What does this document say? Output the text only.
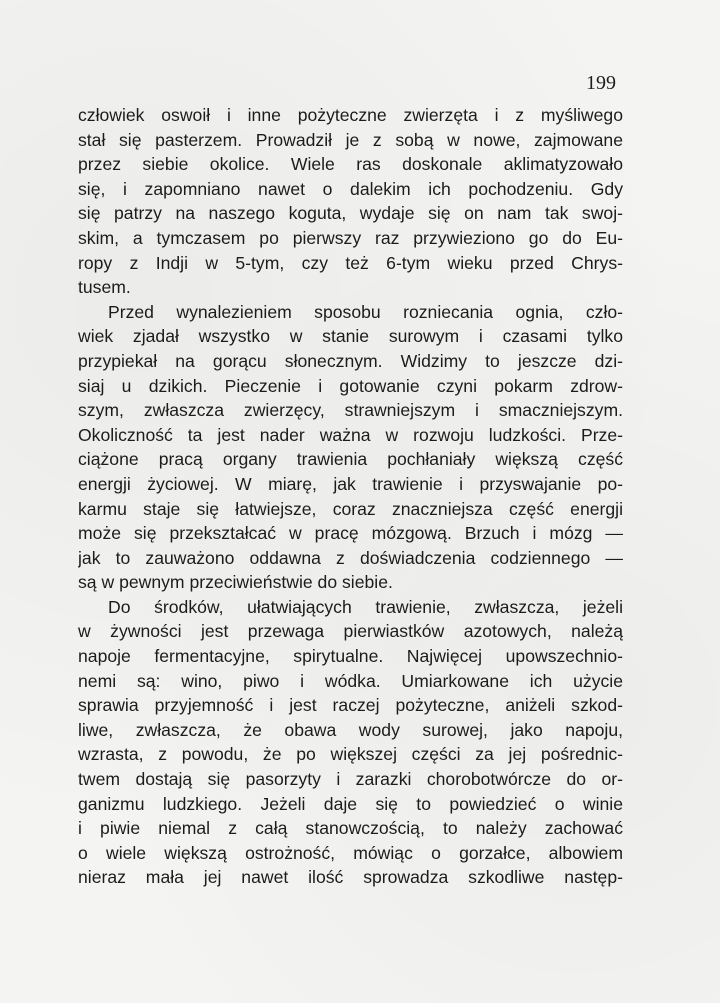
199
człowiek oswoił i inne pożyteczne zwierzęta i z myśliwego
stał się pasterzem. Prowadził je z sobą w nowe, zajmowane
przez siebie okolice. Wiele ras doskonale aklimatyzowało
się, i zapomniano nawet o dalekim ich pochodzeniu. Gdy
się patrzy na naszego koguta, wydaje się on nam tak swoj-
skim, a tymczasem po pierwszy raz przywieziono go do Eu-
ropy z Indji w 5-tym, czy też 6-tym wieku przed Chrys-
tusem.
Przed wynalezieniem sposobu rozniecania ognia, czło-
wiek zjadał wszystko w stanie surowym i czasami tylko
przypiekał na gorącu słonecznym. Widzimy to jeszcze dzi-
siaj u dzikich. Pieczenie i gotowanie czyni pokarm zdrow-
szym, zwłaszcza zwierzęcy, strawniejszym i smaczniejszym.
Okoliczność ta jest nader ważna w rozwoju ludzkości. Prze-
ciążone pracą organy trawienia pochłaniały większą część
energji życiowej. W miarę, jak trawienie i przyswajanie po-
karmu staje się łatwiejsze, coraz znaczniejsza część energji
może się przekształcać w pracę mózgową. Brzuch i mózg —
jak to zauważono oddawna z doświadczenia codziennego —
są w pewnym przeciwieństwie do siebie.
Do środków, ułatwiających trawienie, zwłaszcza, jeżeli
w żywności jest przewaga pierwiastków azotowych, należą
napoje fermentacyjne, spirytualne. Najwięcej upowszechnio-
nemi są: wino, piwo i wódka. Umiarkowane ich użycie
sprawia przyjemność i jest raczej pożyteczne, aniżeli szkod-
liwe, zwłaszcza, że obawa wody surowej, jako napoju,
wzrasta, z powodu, że po większej części za jej pośrednic-
twem dostają się pasorzyty i zarazki chorobotwórcze do or-
ganizmu ludzkiego. Jeżeli daje się to powiedzieć o winie
i piwie niemal z całą stanowczością, to należy zachować
o wiele większą ostrożność, mówiąc o gorzałce, albowiem
nieraz mała jej nawet ilość sprowadza szkodliwe następ-
